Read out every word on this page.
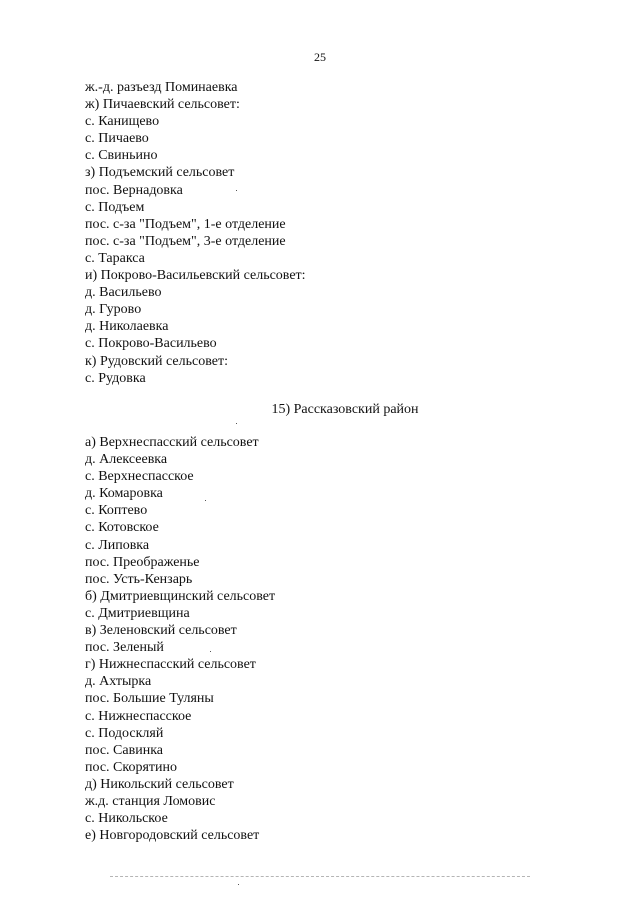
25
ж.-д. разъезд Поминаевка
ж) Пичаевский сельсовет:
с. Канищево
с. Пичаево
с. Свиньино
з) Подъемский сельсовет
пос. Вернадовка
с. Подъем
пос. с-за "Подъем", 1-е отделение
пос. с-за "Подъем", 3-е отделение
с. Таракса
и) Покрово-Васильевский сельсовет:
д. Васильево
д. Гурово
д. Николаевка
с. Покрово-Васильево
к) Рудовский сельсовет:
с. Рудовка
15) Рассказовский район
а) Верхнеспасский сельсовет
д. Алексеевка
с. Верхнеспасское
д. Комаровка
с. Коптево
с. Котовское
с. Липовка
пос. Преображенье
пос. Усть-Кензарь
б) Дмитриевщинский сельсовет
с. Дмитриевщина
в) Зеленовский сельсовет
пос. Зеленый
г) Нижнеспасский сельсовет
д. Ахтырка
пос. Большие Туляны
с. Нижнеспасское
с. Подоскляй
пос. Савинка
пос. Скорятино
д) Никольский сельсовет
ж.д. станция Ломовис
с. Никольское
е) Новгородовский сельсовет
